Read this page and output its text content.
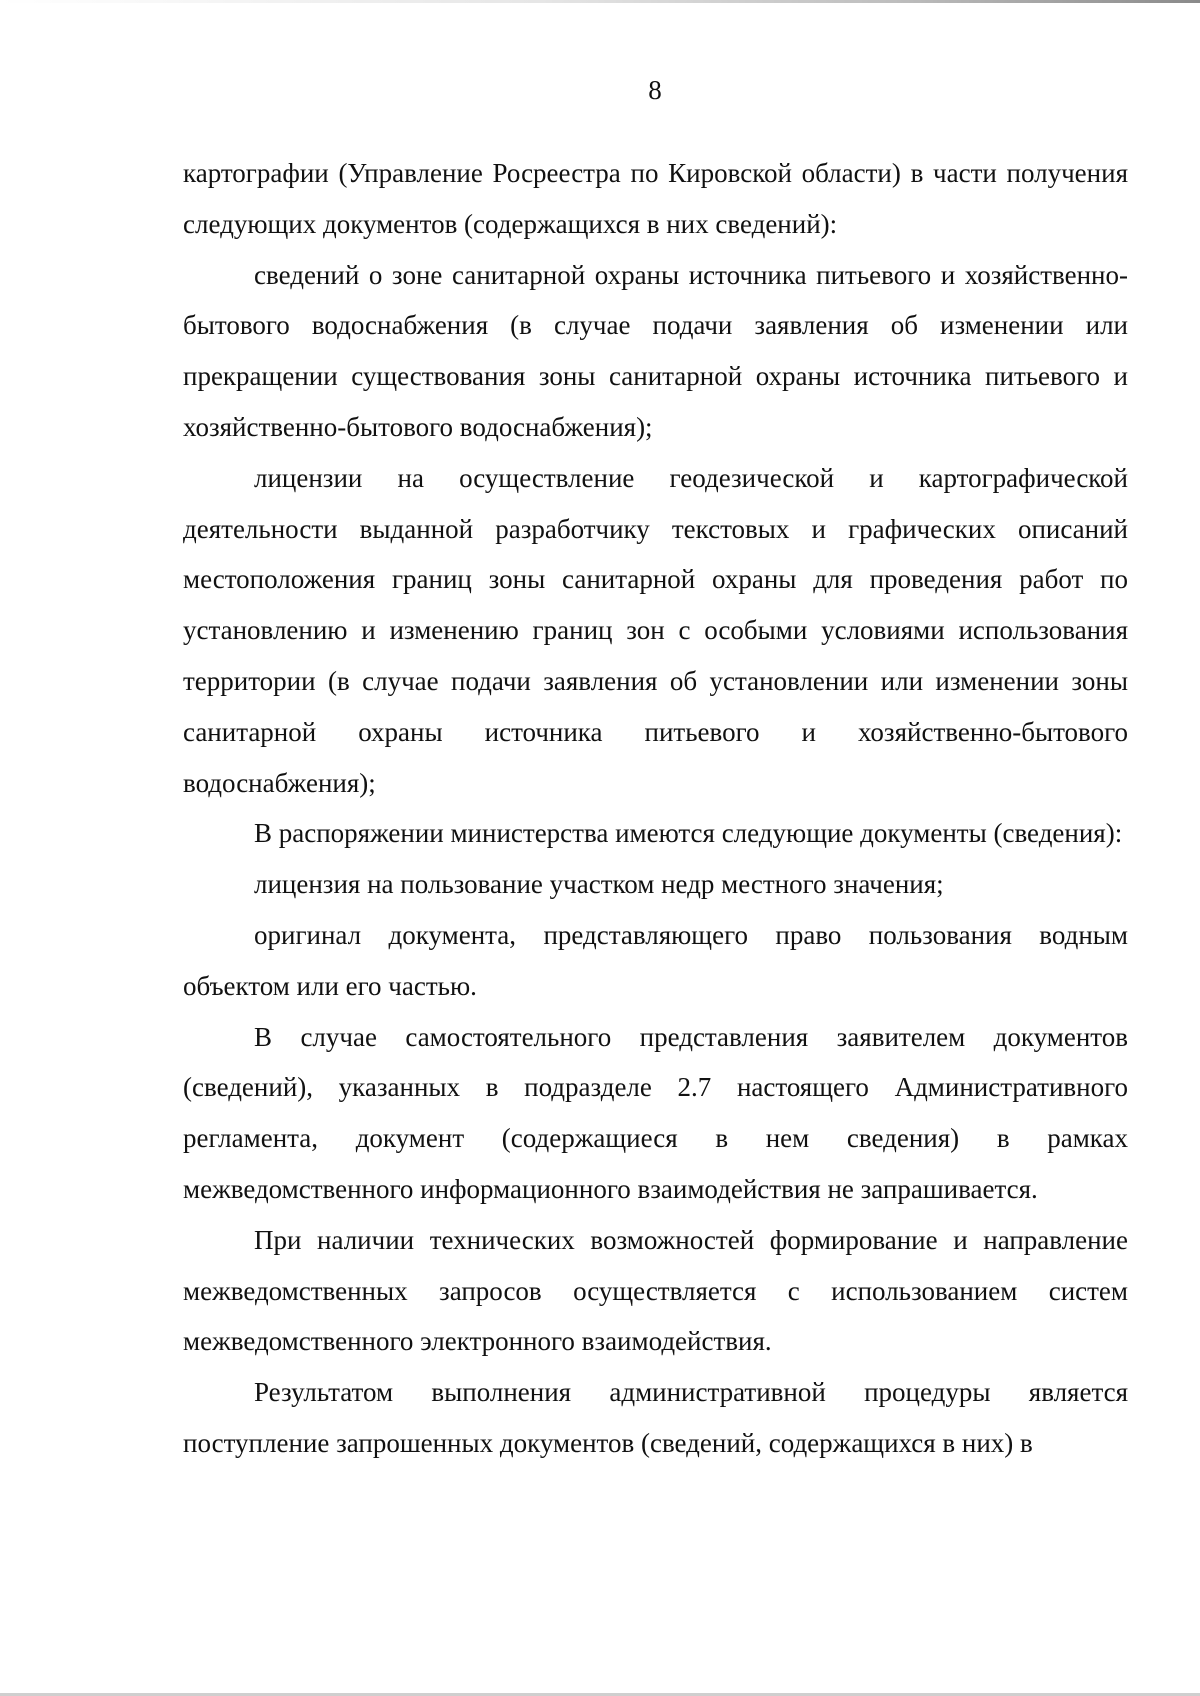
8

картографии (Управление Росреестра по Кировской области) в части получения следующих документов (содержащихся в них сведений):

сведений о зоне санитарной охраны источника питьевого и хозяйственно-бытового водоснабжения (в случае подачи заявления об изменении или прекращении существования зоны санитарной охраны источника питьевого и хозяйственно-бытового водоснабжения);

лицензии на осуществление геодезической и картографической деятельности выданной разработчику текстовых и графических описаний местоположения границ зоны санитарной охраны для проведения работ по установлению и изменению границ зон с особыми условиями использования территории (в случае подачи заявления об установлении или изменении зоны санитарной охраны источника питьевого и хозяйственно-бытового водоснабжения);

В распоряжении министерства имеются следующие документы (сведения):

лицензия на пользование участком недр местного значения;

оригинал документа, представляющего право пользования водным объектом или его частью.

В случае самостоятельного представления заявителем документов (сведений), указанных в подразделе 2.7 настоящего Административного регламента, документ (содержащиеся в нем сведения) в рамках межведомственного информационного взаимодействия не запрашивается.

При наличии технических возможностей формирование и направление межведомственных запросов осуществляется с использованием систем межведомственного электронного взаимодействия.

Результатом выполнения административной процедуры является поступление запрошенных документов (сведений, содержащихся в них) в
